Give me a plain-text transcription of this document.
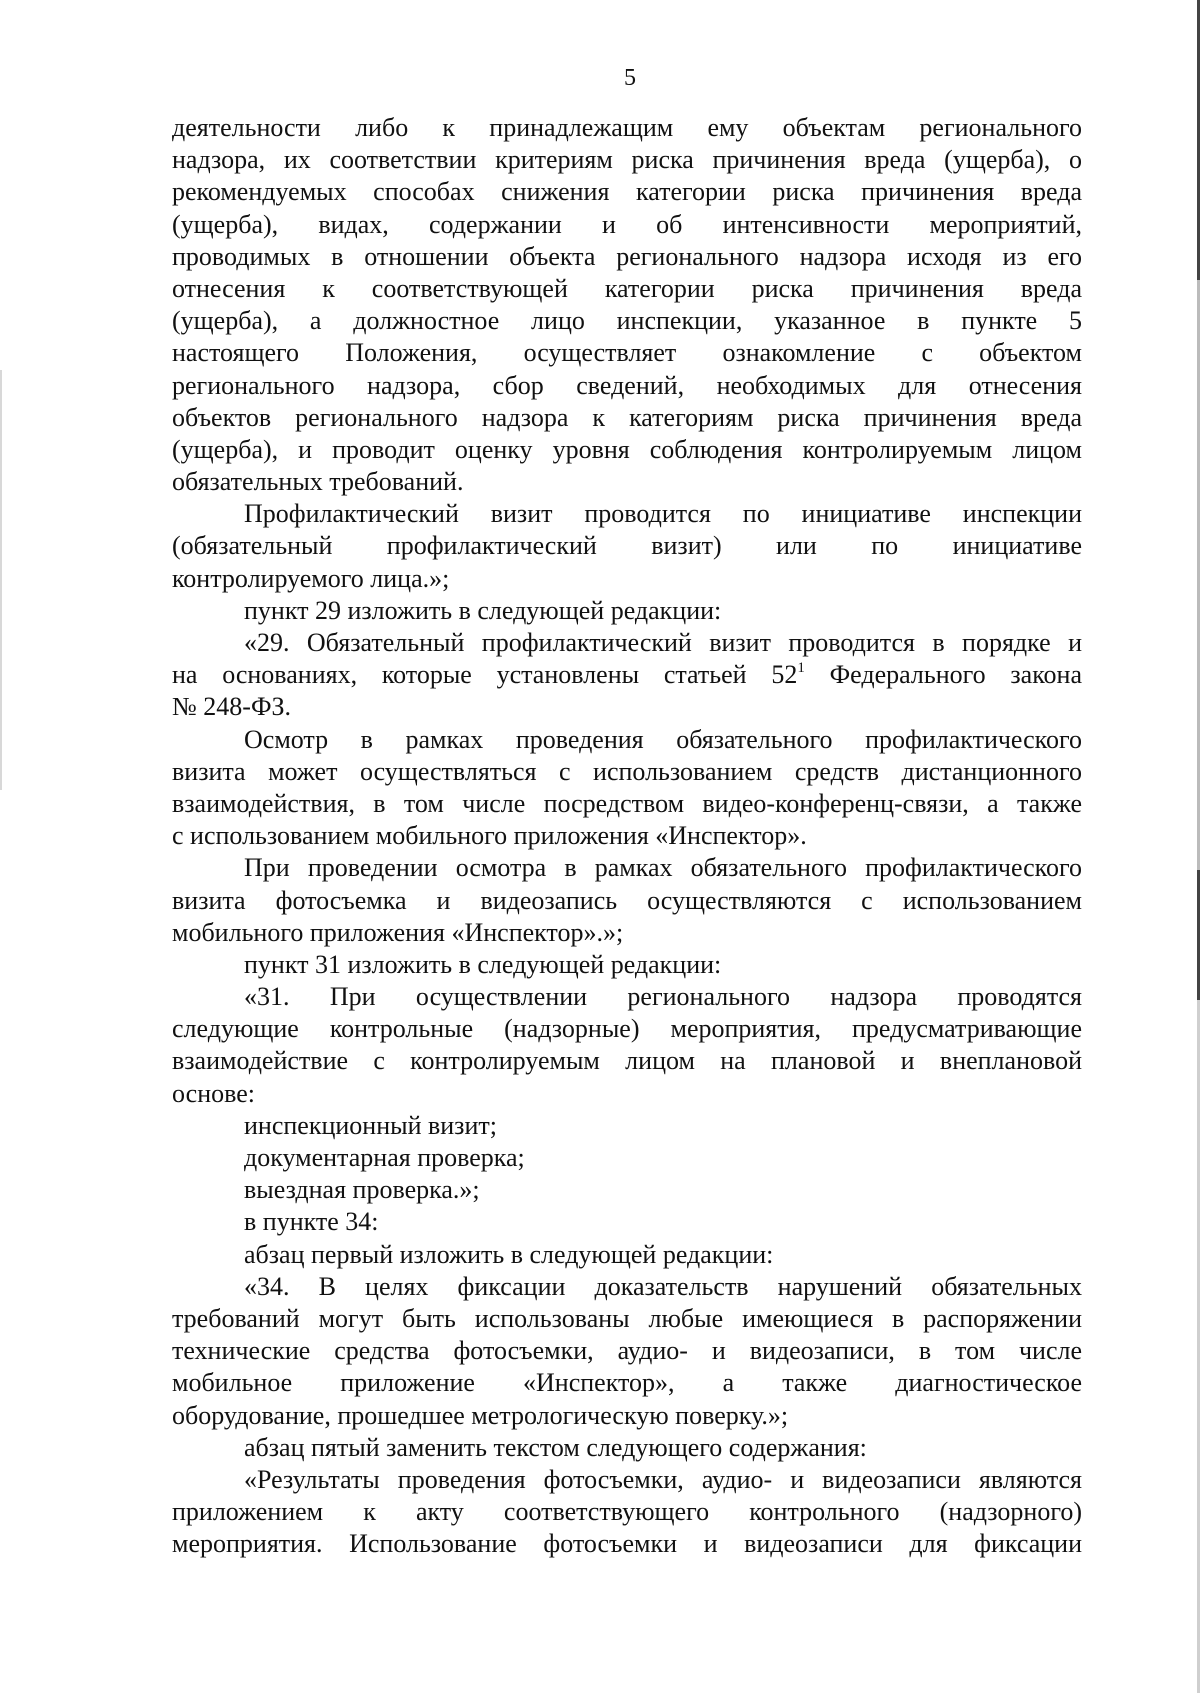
5
деятельности либо к принадлежащим ему объектам регионального
надзора, их соответствии критериям риска причинения вреда (ущерба), о
рекомендуемых способах снижения категории риска причинения вреда
(ущерба), видах, содержании и об интенсивности мероприятий,
проводимых в отношении объекта регионального надзора исходя из его
отнесения к соответствующей категории риска причинения вреда
(ущерба), а должностное лицо инспекции, указанное в пункте 5
настоящего Положения, осуществляет ознакомление с объектом
регионального надзора, сбор сведений, необходимых для отнесения
объектов регионального надзора к категориям риска причинения вреда
(ущерба), и проводит оценку уровня соблюдения контролируемым лицом
обязательных требований.
Профилактический визит проводится по инициативе инспекции
(обязательный профилактический визит) или по инициативе
контролируемого лица.»;
пункт 29 изложить в следующей редакции:
«29. Обязательный профилактический визит проводится в порядке и
на основаниях, которые установлены статьей $52^1$ Федерального закона
№ 248-ФЗ.
Осмотр в рамках проведения обязательного профилактического
визита может осуществляться с использованием средств дистанционного
взаимодействия, в том числе посредством видео-конференц-связи, а также
с использованием мобильного приложения «Инспектор».
При проведении осмотра в рамках обязательного профилактического
визита фотосъемка и видеозапись осуществляются с использованием
мобильного приложения «Инспектор».»;
пункт 31 изложить в следующей редакции:
«31. При осуществлении регионального надзора проводятся
следующие контрольные (надзорные) мероприятия, предусматривающие
взаимодействие с контролируемым лицом на плановой и внеплановой
основе:
инспекционный визит;
документарная проверка;
выездная проверка.»;
в пункте 34:
абзац первый изложить в следующей редакции:
«34. В целях фиксации доказательств нарушений обязательных
требований могут быть использованы любые имеющиеся в распоряжении
технические средства фотосъемки, аудио- и видеозаписи, в том числе
мобильное приложение «Инспектор», а также диагностическое
оборудование, прошедшее метрологическую поверку.»;
абзац пятый заменить текстом следующего содержания:
«Результаты проведения фотосъемки, аудио- и видеозаписи являются
приложением к акту соответствующего контрольного (надзорного)
мероприятия. Использование фотосъемки и видеозаписи для фиксации
